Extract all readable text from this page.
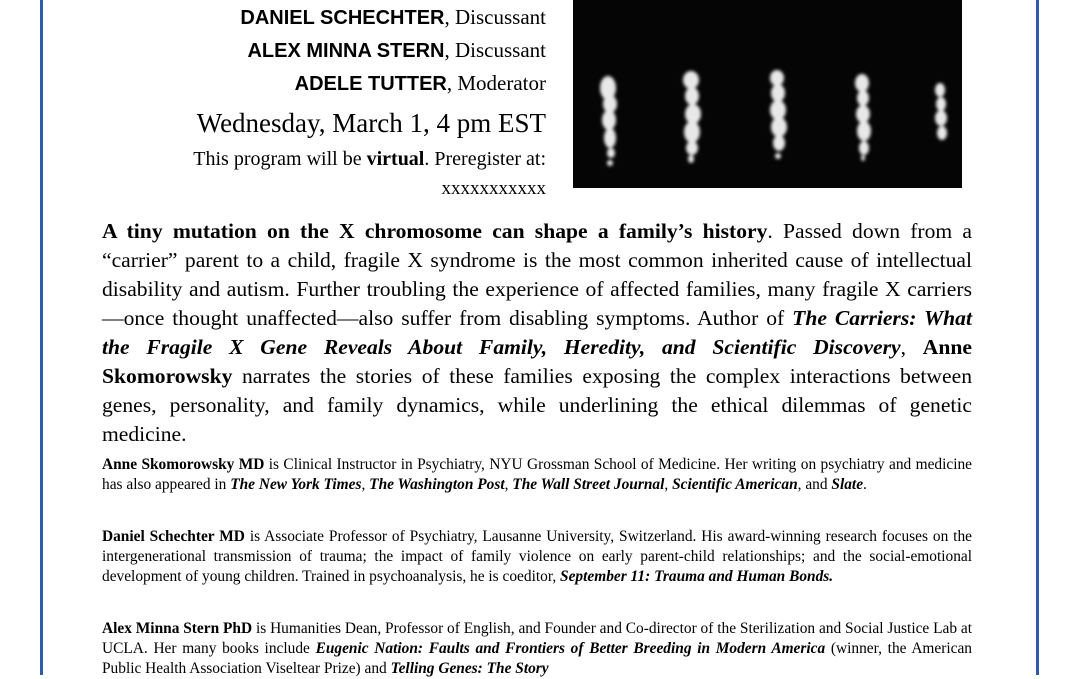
DANIEL SCHECHTER, Discussant
ALEX MINNA STERN, Discussant
ADELE TUTTER, Moderator
Wednesday, March 1, 4 pm EST
This program will be virtual. Preregister at:
xxxxxxxxxxx

A tiny mutation on the X chromosome can shape a family’s history. Passed down from a “carrier” parent to a child, fragile X syndrome is the most common inherited cause of intellectual disability and autism. Further troubling the experience of affected families, many fragile X carriers—once thought unaffected—also suffer from disabling symptoms. Author of The Carriers: What the Fragile X Gene Reveals About Family, Heredity, and Scientific Discovery, Anne Skomorowsky narrates the stories of these families exposing the complex interactions between genes, personality, and family dynamics, while underlining the ethical dilemmas of genetic medicine.

Anne Skomorowsky MD is Clinical Instructor in Psychiatry, NYU Grossman School of Medicine. Her writing on psychiatry and medicine has also appeared in The New York Times, The Washington Post, The Wall Street Journal, Scientific American, and Slate.

Daniel Schechter MD is Associate Professor of Psychiatry, Lausanne University, Switzerland. His award-winning research focuses on the intergenerational transmission of trauma; the impact of family violence on early parent-child relationships; and the social-emotional development of young children. Trained in psychoanalysis, he is coeditor, September 11: Trauma and Human Bonds.

Alex Minna Stern PhD is Humanities Dean, Professor of English, and Founder and Co-director of the Sterilization and Social Justice Lab at UCLA. Her many books include Eugenic Nation: Faults and Frontiers of Better Breeding in Modern America (winner, the American Public Health Association Viseltear Prize) and Telling Genes: The Story
